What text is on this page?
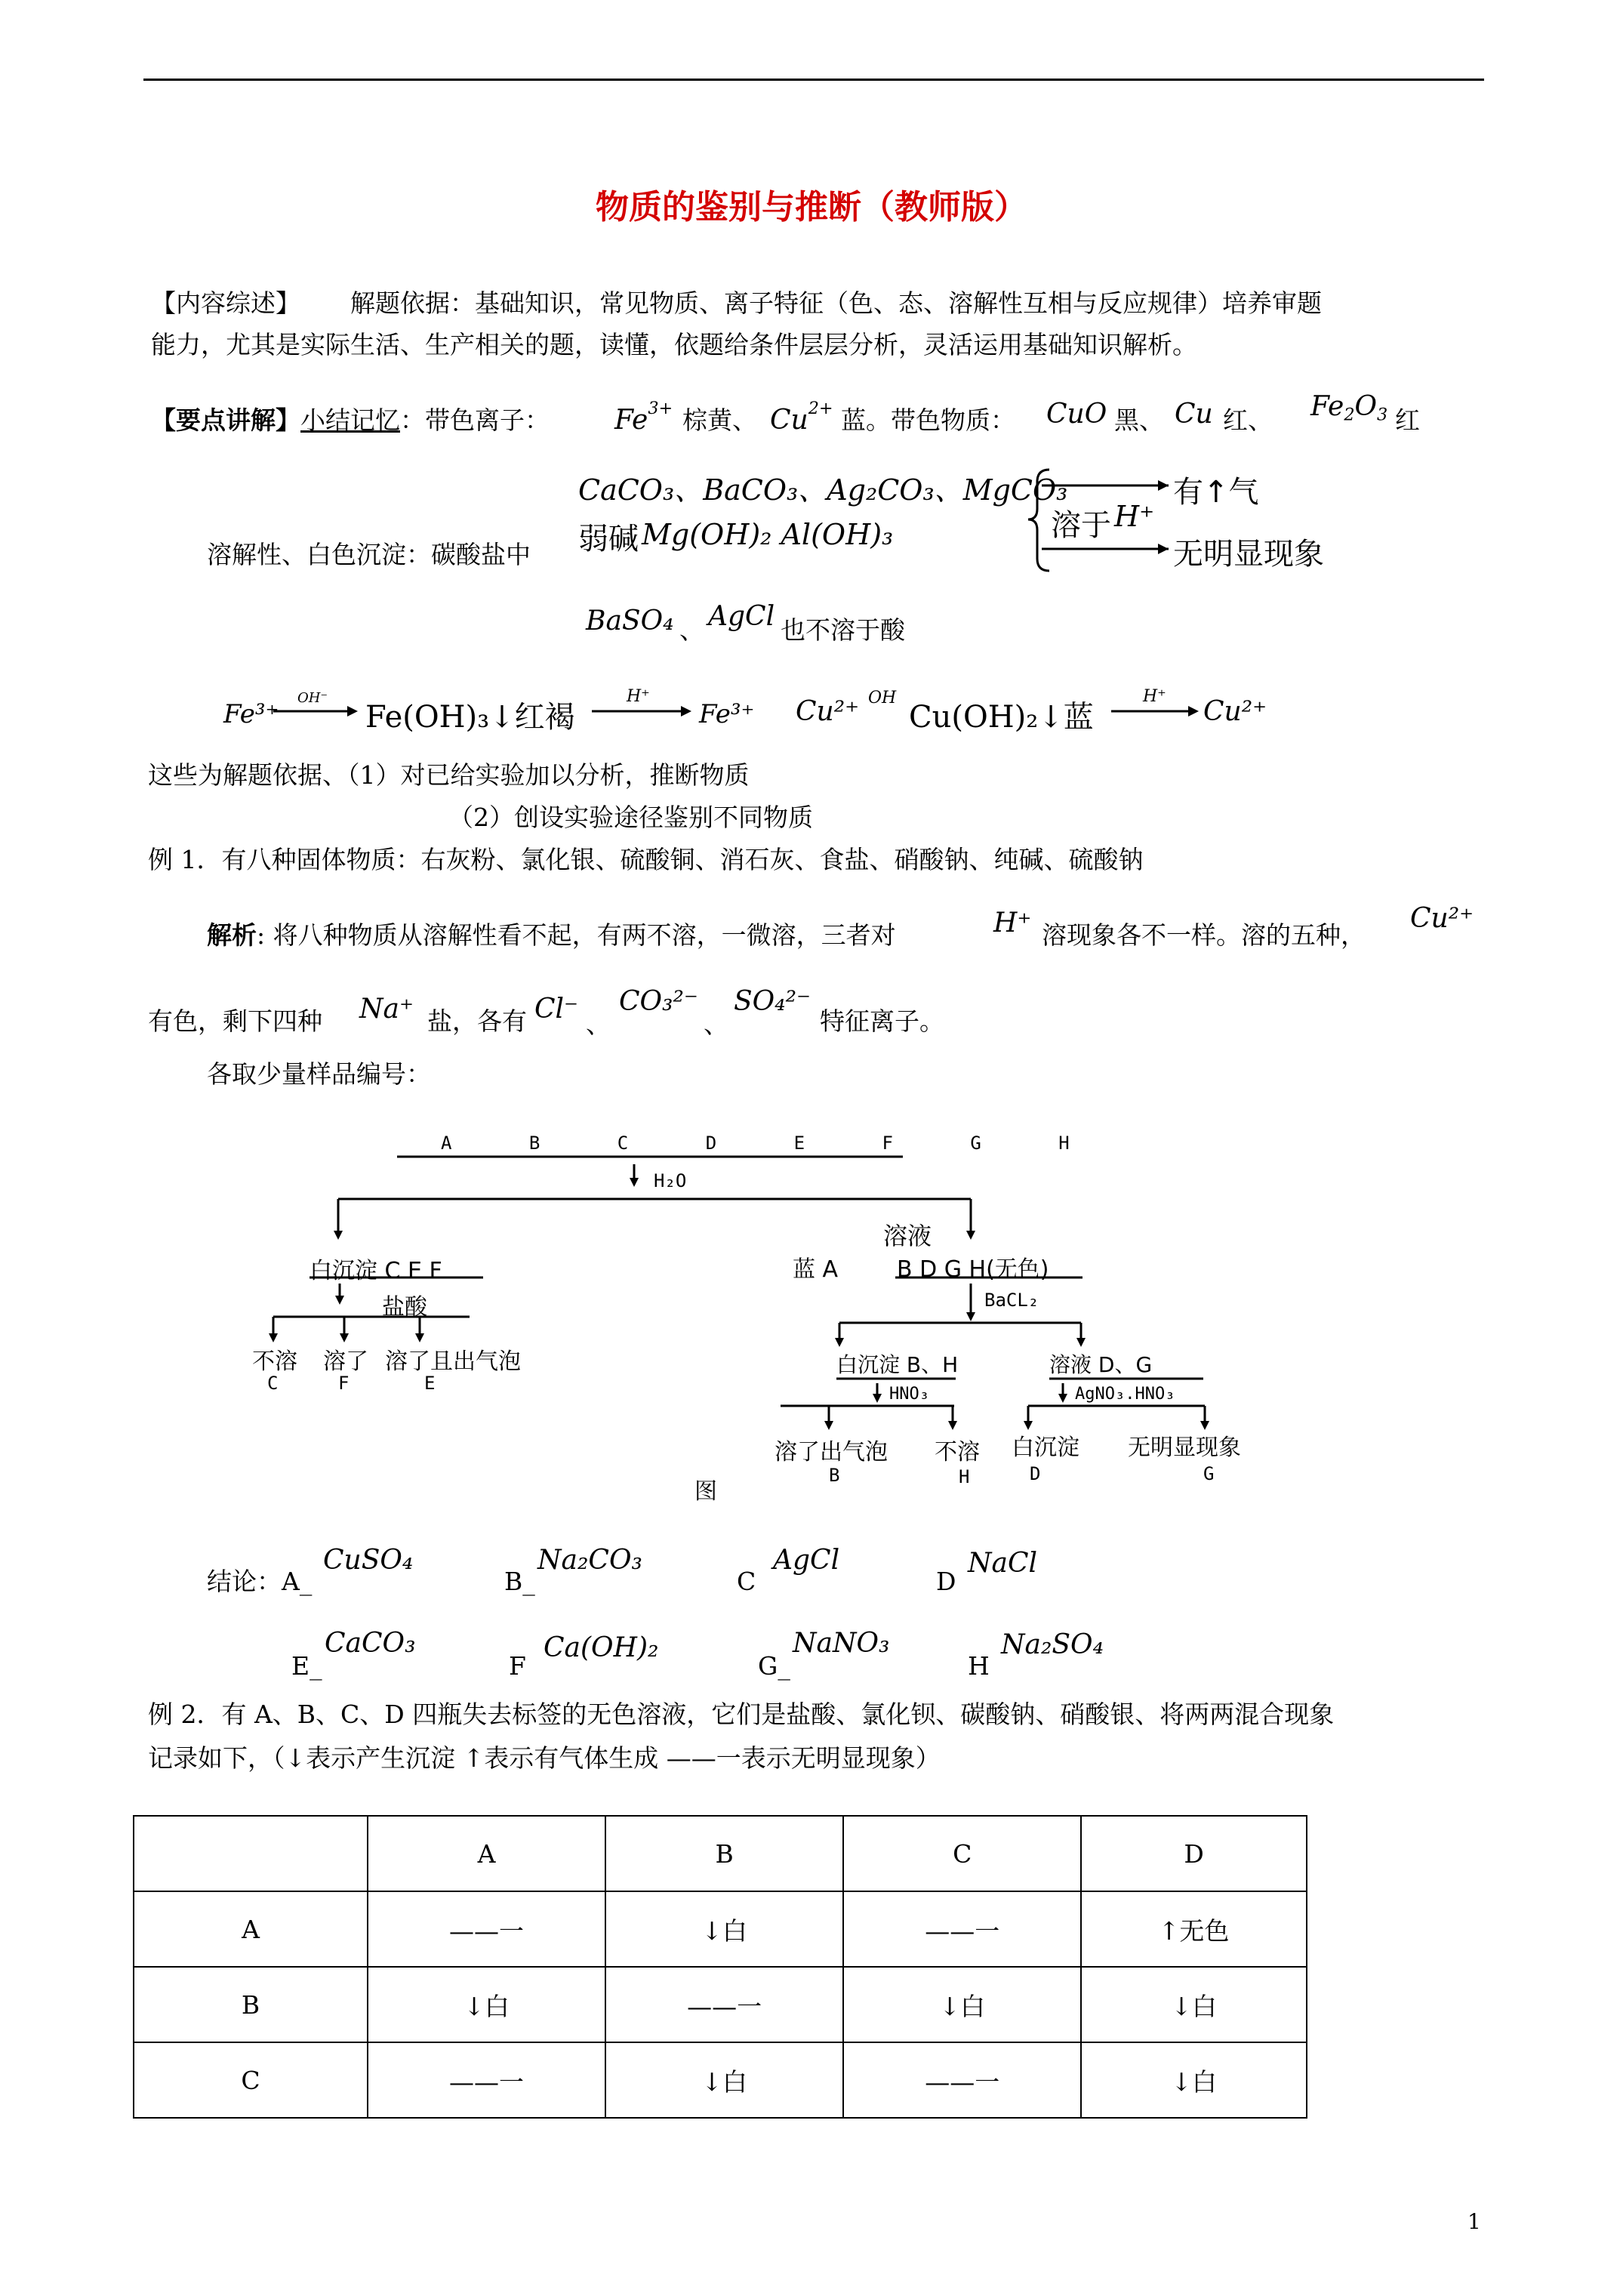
物质的鉴别与推断（教师版）
【内容综述】 解题依据：基础知识，常见物质、离子特征（色、态、溶解性互相与反应规律）培养审题
能力，尤其是实际生活、生产相关的题，读懂，依题给条件层层分析，灵活运用基础知识解析。
【要点讲解】小结记忆：带色离子： $Fe^{3+}$ 棕黄、 $Cu^{2+}$ 蓝。带色物质： CuO 黑、 Cu 红、 $Fe_2O_3$ 红
CaCO₃、BaCO₃、Ag₂CO₃、MgCO₃
弱碱 Mg(OH)₂ Al(OH)₃
溶解性、白色沉淀：碳酸盐中
溶于 H⁺
有↑气
无明显现象
BaSO₄ 、 AgCl 也不溶于酸
Fe³⁺
OH⁻
Fe(OH)₃↓红褐
H⁺
Fe³⁺ Cu²⁺ OH
Cu(OH)₂↓蓝
H⁺ Cu²⁺
这些为解题依据、（1）对已给实验加以分析，推断物质
（2）创设实验途径鉴别不同物质
例 1．有八种固体物质：右灰粉、氯化银、硫酸铜、消石灰、食盐、硝酸钠、纯碱、硫酸钠
解析: 将八种物质从溶解性看不起，有两不溶，一微溶，三者对	H⁺ 溶现象各不一样。溶的五种，
Cu²⁺
有色，剩下四种 Na⁺ 盐，各有 Cl⁻ 、
CO₃²⁻
、
SO₄²⁻
特征离子。
各取少量样品编号：
A B C D E F G H
H₂O
溶液
白沉淀 C E F	蓝 A	B D G H(无色)
盐酸	BaCL₂
不溶 溶了 溶了且出气泡
C	F	E
白沉淀 B、H	溶液 D、G
HNO₃	AgNO₃.HNO₃
溶了出气泡 不溶 白沉淀 无明显现象
B	H	D	G
图
结论：A_
CuSO₄
B_
Na₂CO₃
C
AgCl
D
NaCl
E_
CaCO₃
F
Ca(OH)₂
G_
NaNO₃
H
Na₂SO₄
例 2．有 A、B、C、D 四瓶失去标签的无色溶液，它们是盐酸、氯化钡、碳酸钠、硝酸银、将两两混合现象
记录如下，（↓表示产生沉淀 ↑表示有气体生成 ——一表示无明显现象）
	A	B	C	D
A	——一	↓白	——一	↑无色
B	↓白	——一	↓白	↓白
C	——一	↓白	——一	↓白
1
